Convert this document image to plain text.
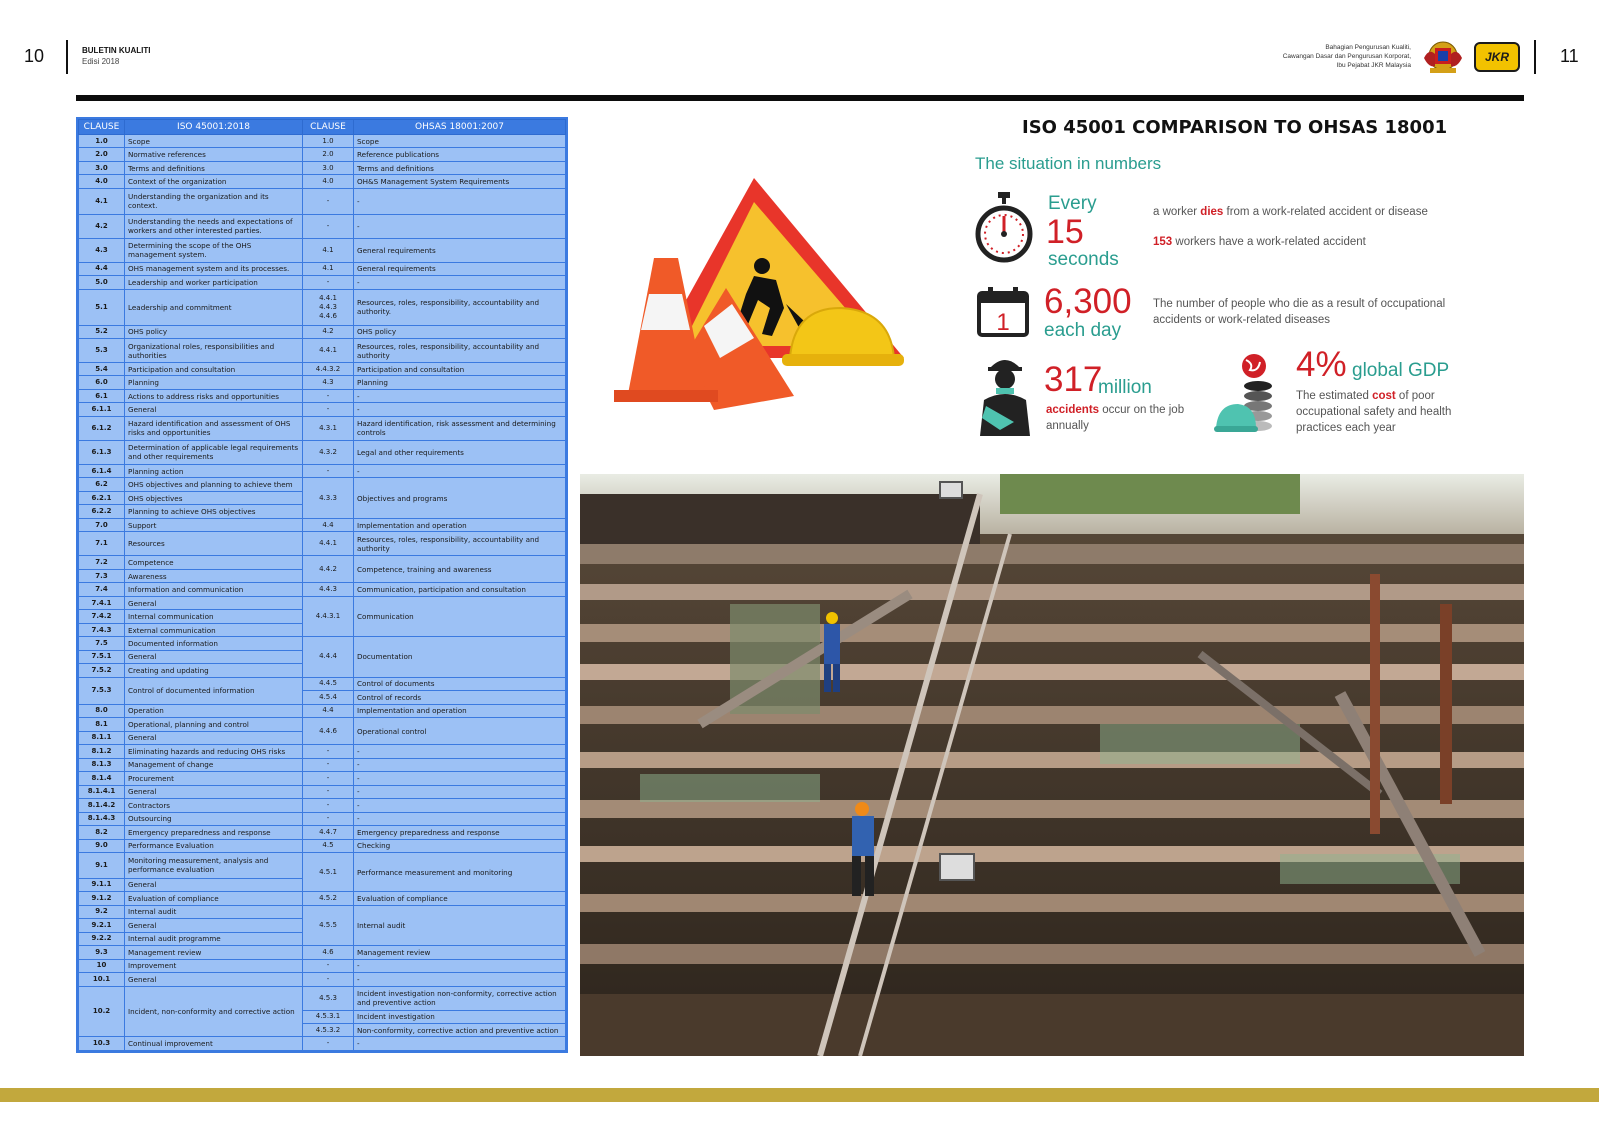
10	BULETIN KUALITI
Edisi 2018
Bahagian Pengurusan Kualiti,
Cawangan Dasar dan Pengurusan Korporat,
Ibu Pejabat JKR Malaysia
JKR	11
CLAUSE	ISO 45001:2018	CLAUSE	OHSAS 18001:2007
1.0	Scope	1.0	Scope
2.0	Normative references	2.0	Reference publications
3.0	Terms and definitions	3.0	Terms and definitions
4.0	Context of the organization	4.0	OH&S Management System Requirements
4.1	Understanding the organization and its context.	-	-
4.2	Understanding the needs and expectations of workers and other interested parties.	-	-
4.3	Determining the scope of the OHS management system.	4.1	General requirements
4.4	OHS management system and its processes.	4.1	General requirements
5.0	Leadership and worker participation	-	-
5.1	Leadership and commitment	4.4.1
4.4.3
4.4.6	Resources, roles, responsibility, accountability and authority.
5.2	OHS policy	4.2	OHS policy
5.3	Organizational roles, responsibilities and authorities	4.4.1	Resources, roles, responsibility, accountability and authority
5.4	Participation and consultation	4.4.3.2	Participation and consultation
6.0	Planning	4.3	Planning
6.1	Actions to address risks and opportunities	-	-
6.1.1	General	-	-
6.1.2	Hazard identification and assessment of OHS risks and opportunities	4.3.1	Hazard identification, risk assessment and determining controls
6.1.3	Determination of applicable legal requirements and other requirements	4.3.2	Legal and other requirements
6.1.4	Planning action	-	-
6.2	OHS objectives and planning to achieve them	4.3.3	Objectives and programs
6.2.1	OHS objectives		
6.2.2	Planning to achieve OHS objectives		
7.0	Support	4.4	Implementation and operation
7.1	Resources	4.4.1	Resources, roles, responsibility, accountability and authority
7.2	Competence	4.4.2	Competence, training and awareness
7.3	Awareness		
7.4	Information and communication	4.4.3	Communication, participation and consultation
7.4.1	General	4.4.3.1	Communication
7.4.2	Internal communication		
7.4.3	External communication		
7.5	Documented information	4.4.4	Documentation
7.5.1	General		
7.5.2	Creating and updating		
7.5.3	Control of documented information	4.4.5	Control of documents
		4.5.4	Control of records
8.0	Operation	4.4	Implementation and operation
8.1	Operational, planning and control	4.4.6	Operational control
8.1.1	General		
8.1.2	Eliminating hazards and reducing OHS risks	-	-
8.1.3	Management of change	-	-
8.1.4	Procurement	-	-
8.1.4.1	General	-	-
8.1.4.2	Contractors	-	-
8.1.4.3	Outsourcing	-	-
8.2	Emergency preparedness and response	4.4.7	Emergency preparedness and response
9.0	Performance Evaluation	4.5	Checking
9.1	Monitoring measurement, analysis and performance evaluation	4.5.1	Performance measurement and monitoring
9.1.1	General		
9.1.2	Evaluation of compliance	4.5.2	Evaluation of compliance
9.2	Internal audit	4.5.5	Internal audit
9.2.1	General		
9.2.2	Internal audit programme		
9.3	Management review	4.6	Management review
10	Improvement	-	-
10.1	General	-	-
10.2	Incident, non-conformity and corrective action	4.5.3	Incident investigation non-conformity, corrective action and preventive action
		4.5.3.1	Incident investigation
		4.5.3.2	Non-conformity, corrective action and preventive action
10.3	Continual improvement	-	-
ISO 45001 COMPARISON TO OHSAS 18001
The situation in numbers
Every
15
seconds
a worker dies from a work-related accident or disease
153 workers have a work-related accident
1
6,300
each day
The number of people who die as a result of occupational accidents or work-related diseases
317
million
accidents occur on the job annually
4% global GDP
The estimated cost of poor occupational safety and health practices each year
